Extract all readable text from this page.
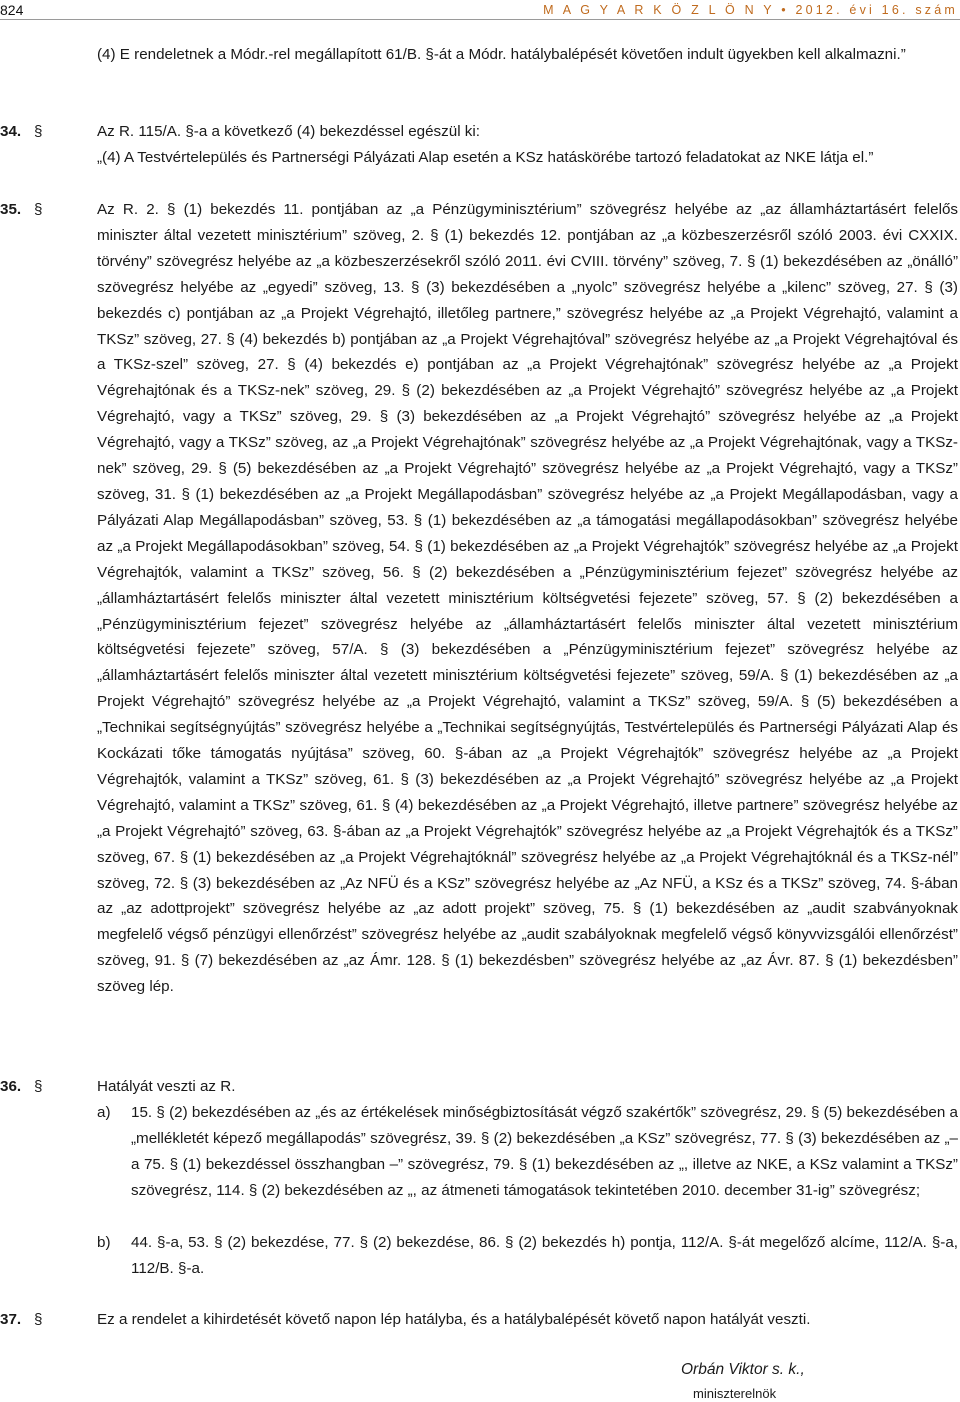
824	M A G Y A R K Ö Z L Ö N Y • 2012. évi 16. szám
(4) E rendeletnek a Módr.-rel megállapított 61/B. §-át a Módr. hatálybalépését követően indult ügyekben kell alkalmazni.”
34. §	Az R. 115/A. §-a a következő (4) bekezdéssel egészül ki:
„(4) A Testvértelepülés és Partnerségi Pályázati Alap esetén a KSz hatáskörébe tartozó feladatokat az NKE látja el.”
35. §	Az R. 2. § (1) bekezdés 11. pontjában az „a Pénzügyminisztérium” szövegrész helyébe az „az államháztartásért felelős miniszter által vezetett minisztérium” szöveg, 2. § (1) bekezdés 12. pontjában az „a közbeszerzésről szóló 2003. évi CXXIX. törvény” szövegrész helyébe az „a közbeszerzésekről szóló 2011. évi CVIII. törvény” szöveg, 7. § (1) bekezdésében az „önálló” szövegrész helyébe az „egyedi” szöveg, 13. § (3) bekezdésében a „nyolc” szövegrész helyébe a „kilenc” szöveg, 27. § (3) bekezdés c) pontjában az „a Projekt Végrehajtó, illetőleg partnere,” szövegrész helyébe az „a Projekt Végrehajtó, valamint a TKSz” szöveg, 27. § (4) bekezdés b) pontjában az „a Projekt Végrehajtóval” szövegrész helyébe az „a Projekt Végrehajtóval és a TKSz-szel” szöveg, 27. § (4) bekezdés e) pontjában az „a Projekt Végrehajtónak” szövegrész helyébe az „a Projekt Végrehajtónak és a TKSz-nek” szöveg, 29. § (2) bekezdésében az „a Projekt Végrehajtó” szövegrész helyébe az „a Projekt Végrehajtó, vagy a TKSz” szöveg, 29. § (3) bekezdésében az „a Projekt Végrehajtó” szövegrész helyébe az „a Projekt Végrehajtó, vagy a TKSz” szöveg, az „a Projekt Végrehajtónak” szövegrész helyébe az „a Projekt Végrehajtónak, vagy a TKSz-nek” szöveg, 29. § (5) bekezdésében az „a Projekt Végrehajtó” szövegrész helyébe az „a Projekt Végrehajtó, vagy a TKSz” szöveg, 31. § (1) bekezdésében az „a Projekt Megállapodásban” szövegrész helyébe az „a Projekt Megállapodásban, vagy a Pályázati Alap Megállapodásban” szöveg, 53. § (1) bekezdésében az „a támogatási megállapodásokban” szövegrész helyébe az „a Projekt Megállapodásokban” szöveg, 54. § (1) bekezdésében az „a Projekt Végrehajtók” szövegrész helyébe az „a Projekt Végrehajtók, valamint a TKSz” szöveg, 56. § (2) bekezdésében a „Pénzügyminisztérium fejezet” szövegrész helyébe az „államháztartásért felelős miniszter által vezetett minisztérium költségvetési fejezete” szöveg, 57. § (2) bekezdésében a „Pénzügyminisztérium fejezet” szövegrész helyébe az „államháztartásért felelős miniszter által vezetett minisztérium költségvetési fejezete” szöveg, 57/A. § (3) bekezdésében a „Pénzügyminisztérium fejezet” szövegrész helyébe az „államháztartásért felelős miniszter által vezetett minisztérium költségvetési fejezete” szöveg, 59/A. § (1) bekezdésében az „a Projekt Végrehajtó” szövegrész helyébe az „a Projekt Végrehajtó, valamint a TKSz” szöveg, 59/A. § (5) bekezdésében a „Technikai segítségnyújtás” szövegrész helyébe a „Technikai segítségnyújtás, Testvértelepülés és Partnerségi Pályázati Alap és Kockázati tőke támogatás nyújtása” szöveg, 60. §-ában az „a Projekt Végrehajtók” szövegrész helyébe az „a Projekt Végrehajtók, valamint a TKSz” szöveg, 61. § (3) bekezdésében az „a Projekt Végrehajtó” szövegrész helyébe az „a Projekt Végrehajtó, valamint a TKSz” szöveg, 61. § (4) bekezdésében az „a Projekt Végrehajtó, illetve partnere” szövegrész helyébe az „a Projekt Végrehajtó” szöveg, 63. §-ában az „a Projekt Végrehajtók” szövegrész helyébe az „a Projekt Végrehajtók és a TKSz” szöveg, 67. § (1) bekezdésében az „a Projekt Végrehajtóknál” szövegrész helyébe az „a Projekt Végrehajtóknál és a TKSz-nél” szöveg, 72. § (3) bekezdésében az „Az NFÜ és a KSz” szövegrész helyébe az „Az NFÜ, a KSz és a TKSz” szöveg, 74. §-ában az „az adottprojekt” szövegrész helyébe az „az adott projekt” szöveg, 75. § (1) bekezdésében az „audit szabványoknak megfelelő végső pénzügyi ellenőrzést” szövegrész helyébe az „audit szabályoknak megfelelő végső könyvvizsgálói ellenőrzést” szöveg, 91. § (7) bekezdésében az „az Ámr. 128. § (1) bekezdésben” szövegrész helyébe az „az Ávr. 87. § (1) bekezdésben” szöveg lép.
36. §	Hatályát veszti az R.
a) 15. § (2) bekezdésében az „és az értékelések minőségbiztosítását végző szakértők” szövegrész, 29. § (5) bekezdésében a „mellékletét képező megállapodás” szövegrész, 39. § (2) bekezdésében „a KSz” szövegrész, 77. § (3) bekezdésében az „– a 75. § (1) bekezdéssel összhangban –” szövegrész, 79. § (1) bekezdésében az „, illetve az NKE, a KSz valamint a TKSz” szövegrész, 114. § (2) bekezdésében az „, az átmeneti támogatások tekintetében 2010. december 31-ig” szövegrész;
b) 44. §-a, 53. § (2) bekezdése, 77. § (2) bekezdése, 86. § (2) bekezdés h) pontja, 112/A. §-át megelőző alcíme, 112/A. §-a, 112/B. §-a.
37. §	Ez a rendelet a kihirdetését követő napon lép hatályba, és a hatálybalépését követő napon hatályát veszti.
Orbán Viktor s. k.,
miniszterelnök
